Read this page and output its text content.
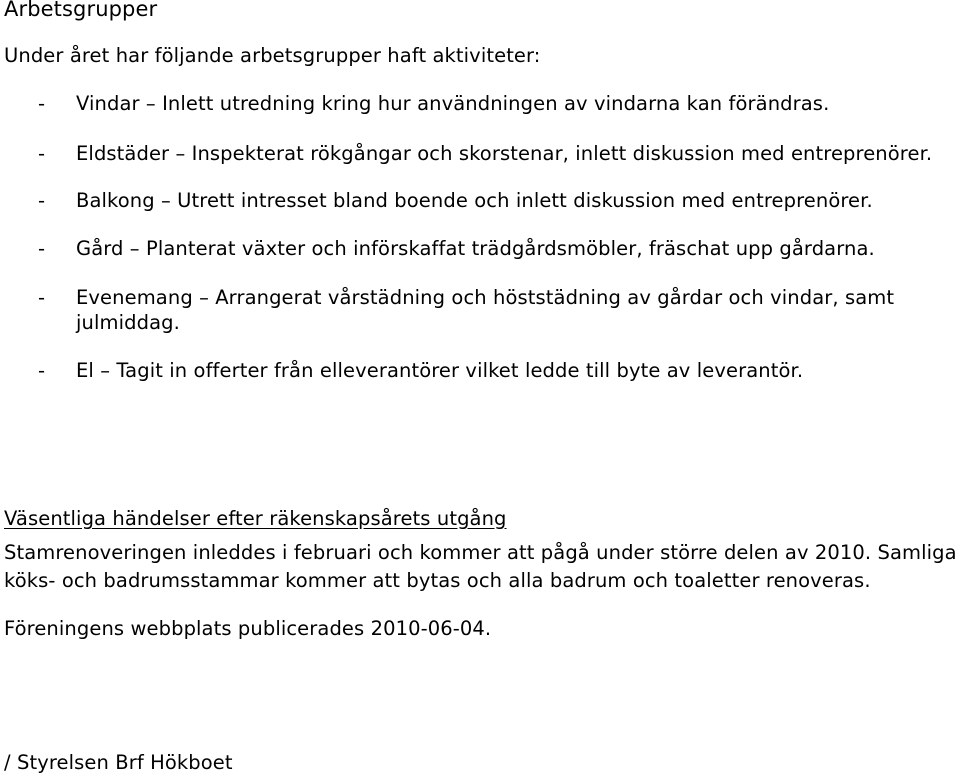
Arbetsgrupper
Under året har följande arbetsgrupper haft aktiviteter:
- Vindar – Inlett utredning kring hur användningen av vindarna kan förändras.
- Eldstäder – Inspekterat rökgångar och skorstenar, inlett diskussion med entreprenörer.
- Balkong – Utrett intresset bland boende och inlett diskussion med entreprenörer.
- Gård – Planterat växter och införskaffat trädgårdsmöbler, fräschat upp gårdarna.
- Evenemang – Arrangerat vårstädning och höststädning av gårdar och vindar, samt julmiddag.
- El – Tagit in offerter från elleverantörer vilket ledde till byte av leverantör.
Väsentliga händelser efter räkenskapsårets utgång

Stamrenoveringen inleddes i februari och kommer att pågå under större delen av 2010. Samliga köks- och badrumsstammar kommer att bytas och alla badrum och toaletter renoveras.

Föreningens webbplats publicerades 2010-06-04.

/ Styrelsen Brf Hökboet
